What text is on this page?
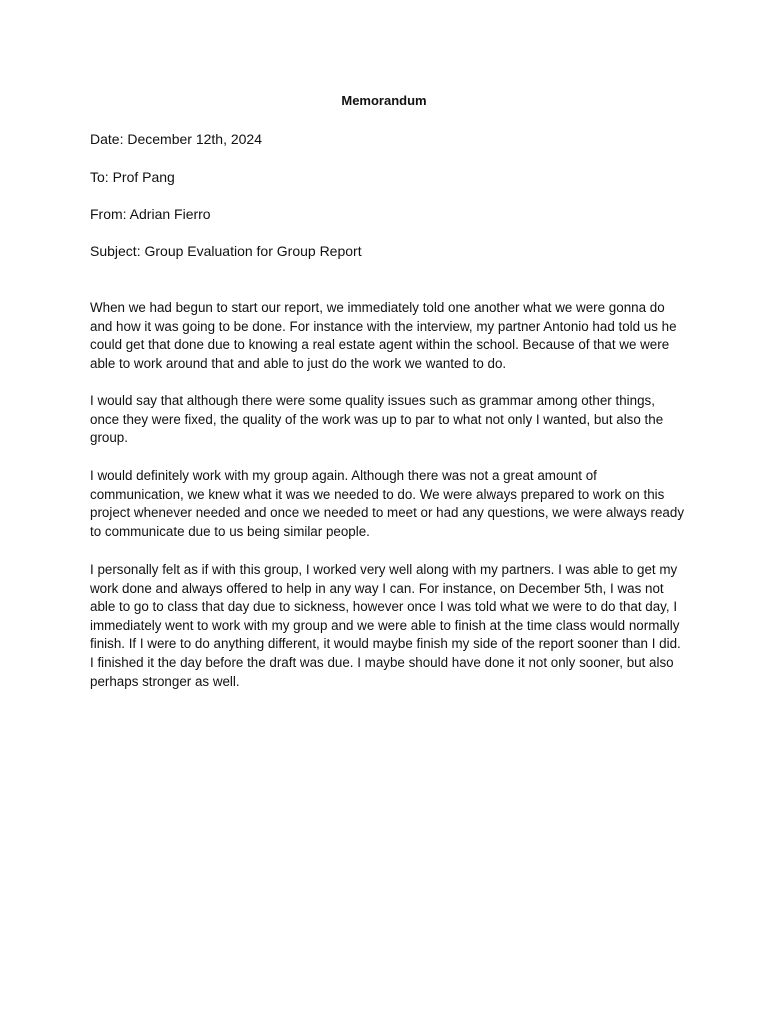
Memorandum
Date: December 12th, 2024
To: Prof Pang
From: Adrian Fierro
Subject: Group Evaluation for Group Report

When we had begun to start our report, we immediately told one another what we were gonna do and how it was going to be done. For instance with the interview, my partner Antonio had told us he could get that done due to knowing a real estate agent within the school. Because of that we were able to work around that and able to just do the work we wanted to do.

I would say that although there were some quality issues such as grammar among other things, once they were fixed, the quality of the work was up to par to what not only I wanted, but also the group.

I would definitely work with my group again. Although there was not a great amount of communication, we knew what it was we needed to do. We were always prepared to work on this project whenever needed and once we needed to meet or had any questions, we were always ready to communicate due to us being similar people.

I personally felt as if with this group, I worked very well along with my partners. I was able to get my work done and always offered to help in any way I can. For instance, on December 5th, I was not able to go to class that day due to sickness, however once I was told what we were to do that day, I immediately went to work with my group and we were able to finish at the time class would normally finish. If I were to do anything different, it would maybe finish my side of the report sooner than I did. I finished it the day before the draft was due. I maybe should have done it not only sooner, but also perhaps stronger as well.
